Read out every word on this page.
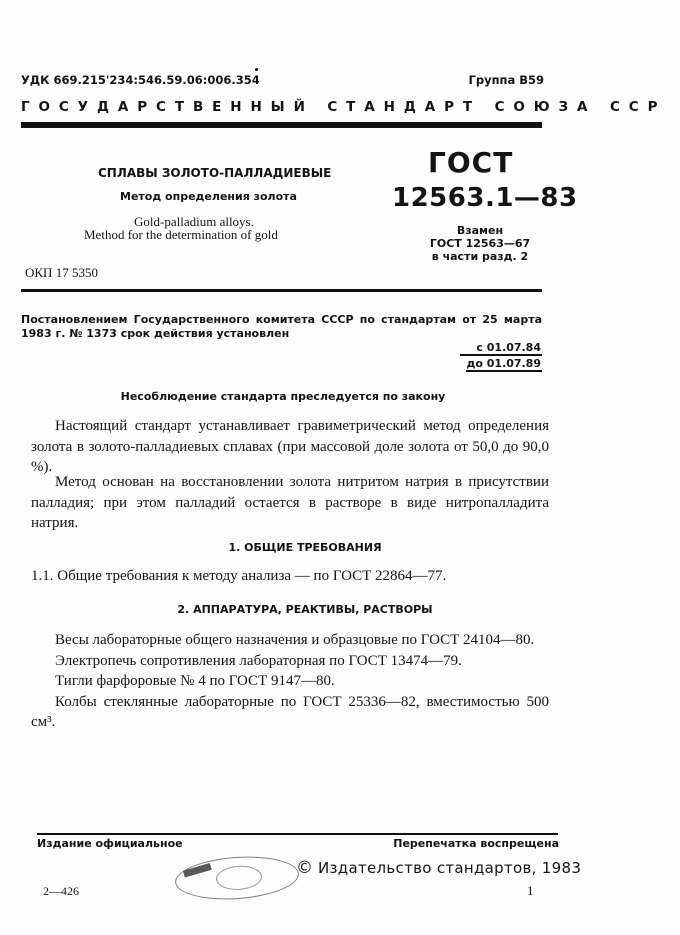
УДК 669.215'234:546.59.06:006.354	Группа В59
ГОСУДАРСТВЕННЫЙ СТАНДАРТ СОЮЗА ССР
СПЛАВЫ ЗОЛОТО-ПАЛЛАДИЕВЫЕ
Метод определения золота
Gold-palladium alloys.
Method for the determination of gold
ОКП 17 5350
ГОСТ
12563.1—83
Взамен
ГОСТ 12563—67
в части разд. 2
Постановлением Государственного комитета СССР по стандартам от 25 марта 1983 г. № 1373 срок действия установлен
с 01.07.84
до 01.07.89
Несоблюдение стандарта преследуется по закону

Настоящий стандарт устанавливает гравиметрический метод определения золота в золото-палладиевых сплавах (при массовой доле золота от 50,0 до 90,0 %).

Метод основан на восстановлении золота нитритом натрия в присутствии палладия; при этом палладий остается в растворе в виде нитропалладита натрия.

1. ОБЩИЕ ТРЕБОВАНИЯ
1.1. Общие требования к методу анализа — по ГОСТ 22864—77.
2. АППАРАТУРА, РЕАКТИВЫ, РАСТВОРЫ

Весы лабораторные общего назначения и образцовые по ГОСТ 24104—80.

Электропечь сопротивления лабораторная по ГОСТ 13474—79.

Тигли фарфоровые № 4 по ГОСТ 9147—80.

Колбы стеклянные лабораторные по ГОСТ 25336—82, вместимостью 500 см³.

Издание официальное	Перепечатка воспрещена
© Издательство стандартов, 1983
2—426	1
